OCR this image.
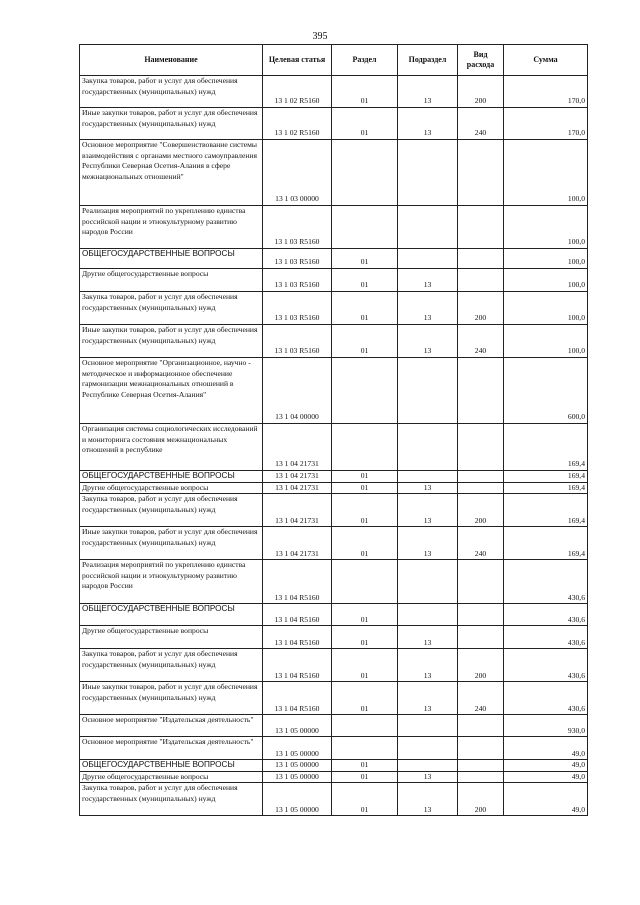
395
Наименование	Целевая статья	Раздел	Подраздел	Вид расхода	Сумма
Закупка товаров, работ и услуг для обеспечения государственных (муниципальных) нужд	13 1 02 R5160	01	13	200	170,0
Иные закупки товаров, работ и услуг для обеспечения государственных (муниципальных) нужд	13 1 02 R5160	01	13	240	170,0
Основное мероприятие "Совершенствование системы взаимодействия с органами местного самоуправления Республики Северная Осетия-Алания в сфере межнациональных отношений"	13 1 03 00000				100,0
Реализация мероприятий по укреплению единства российской нации и этнокультурному развитию народов России	13 1 03 R5160				100,0
ОБЩЕГОСУДАРСТВЕННЫЕ ВОПРОСЫ	13 1 03 R5160	01			100,0
Другие общегосударственные вопросы	13 1 03 R5160	01	13		100,0
Закупка товаров, работ и услуг для обеспечения государственных (муниципальных) нужд	13 1 03 R5160	01	13	200	100,0
Иные закупки товаров, работ и услуг для обеспечения государственных (муниципальных) нужд	13 1 03 R5160	01	13	240	100,0
Основное мероприятие "Организационное, научно - методическое и информационное обеспечение гармонизации межнациональных отношений в Республике Северная Осетия-Алания"	13 1 04 00000				600,0
Организация системы социологических исследований и мониторинга состояния межнациональных отношений в республике	13 1 04 21731				169,4
ОБЩЕГОСУДАРСТВЕННЫЕ ВОПРОСЫ	13 1 04 21731	01			169,4
Другие общегосударственные вопросы	13 1 04 21731	01	13		169,4
Закупка товаров, работ и услуг для обеспечения государственных (муниципальных) нужд	13 1 04 21731	01	13	200	169,4
Иные закупки товаров, работ и услуг для обеспечения государственных (муниципальных) нужд	13 1 04 21731	01	13	240	169,4
Реализация мероприятий по укреплению единства российской нации и этнокультурному развитию народов России	13 1 04 R5160				430,6
ОБЩЕГОСУДАРСТВЕННЫЕ ВОПРОСЫ	13 1 04 R5160	01			430,6
Другие общегосударственные вопросы	13 1 04 R5160	01	13		430,6
Закупка товаров, работ и услуг для обеспечения государственных (муниципальных) нужд	13 1 04 R5160	01	13	200	430,6
Иные закупки товаров, работ и услуг для обеспечения государственных (муниципальных) нужд	13 1 04 R5160	01	13	240	430,6
Основное мероприятие "Издательская деятельность"	13 1 05 00000				930,0
Основное мероприятие "Издательская деятельность"	13 1 05 00000				49,0
ОБЩЕГОСУДАРСТВЕННЫЕ ВОПРОСЫ	13 1 05 00000	01			49,0
Другие общегосударственные вопросы	13 1 05 00000	01	13		49,0
Закупка товаров, работ и услуг для обеспечения государственных (муниципальных) нужд	13 1 05 00000	01	13	200	49,0
